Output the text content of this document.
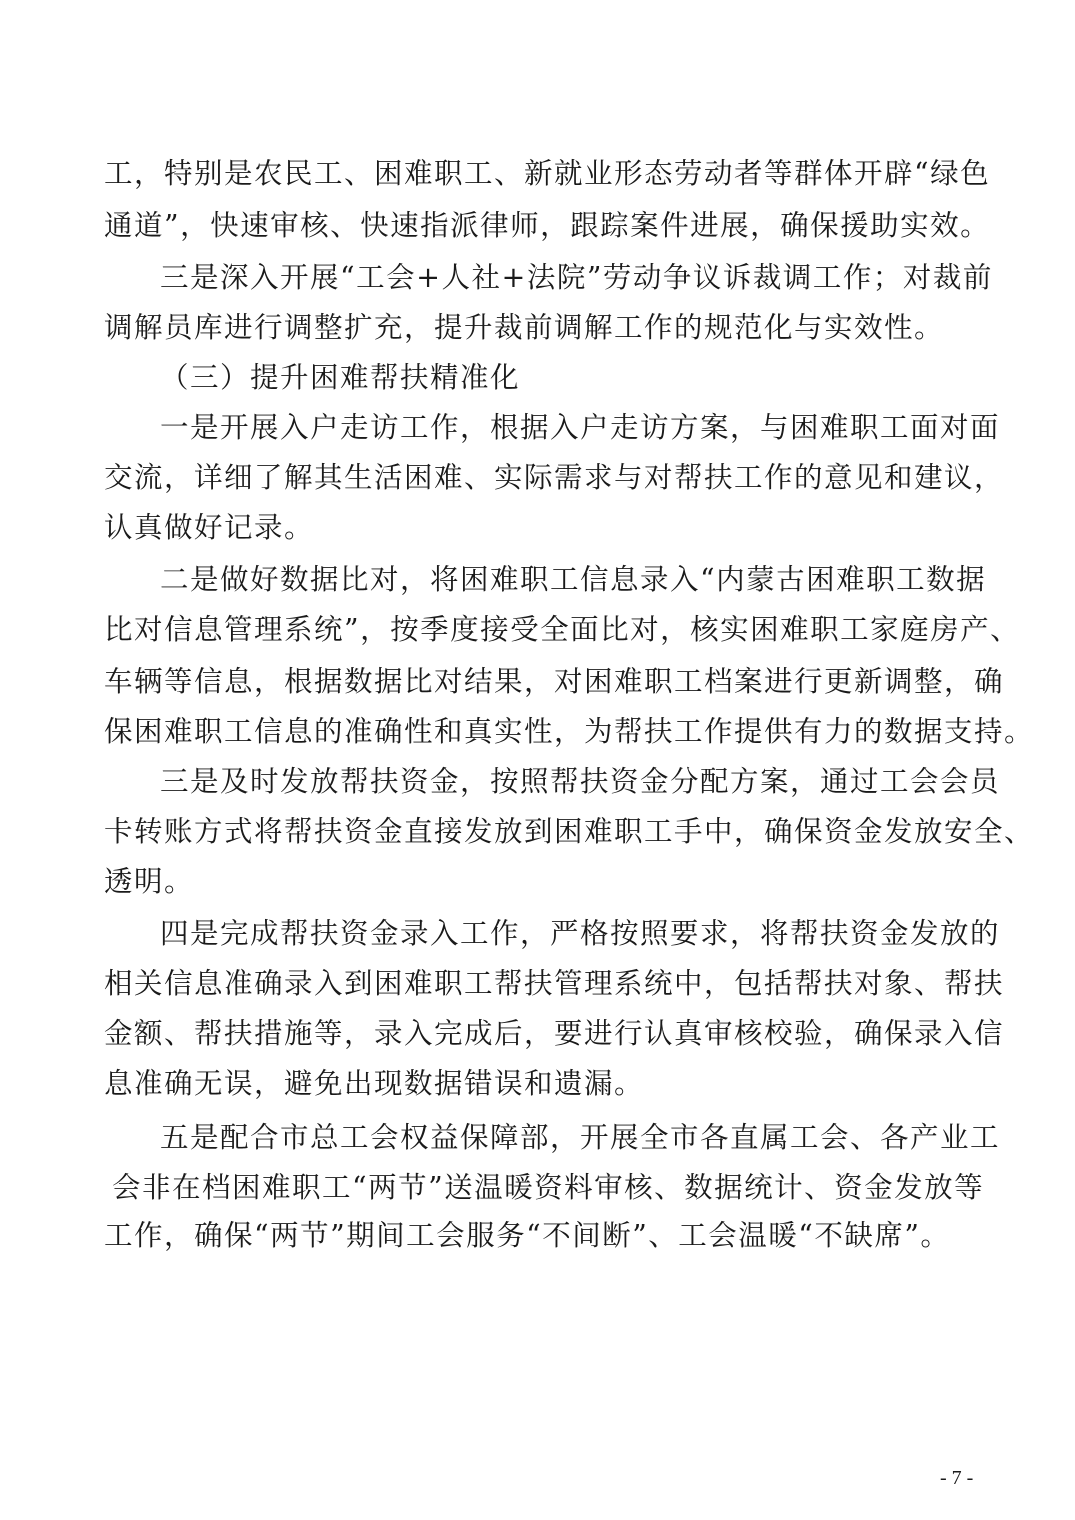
工，特别是农民工、困难职工、新就业形态劳动者等群体开辟“绿色
通道”，快速审核、快速指派律师，跟踪案件进展，确保援助实效。
三是深入开展“工会+人社+法院”劳动争议诉裁调工作；对裁前
调解员库进行调整扩充，提升裁前调解工作的规范化与实效性。
（三）提升困难帮扶精准化
一是开展入户走访工作，根据入户走访方案，与困难职工面对面
交流，详细了解其生活困难、实际需求与对帮扶工作的意见和建议，
认真做好记录。
二是做好数据比对，将困难职工信息录入“内蒙古困难职工数据
比对信息管理系统”，按季度接受全面比对，核实困难职工家庭房产、
车辆等信息，根据数据比对结果，对困难职工档案进行更新调整，确
保困难职工信息的准确性和真实性，为帮扶工作提供有力的数据支持。
三是及时发放帮扶资金，按照帮扶资金分配方案，通过工会会员
卡转账方式将帮扶资金直接发放到困难职工手中，确保资金发放安全、
透明。
四是完成帮扶资金录入工作，严格按照要求，将帮扶资金发放的
相关信息准确录入到困难职工帮扶管理系统中，包括帮扶对象、帮扶
金额、帮扶措施等，录入完成后，要进行认真审核校验，确保录入信
息准确无误，避免出现数据错误和遗漏。
五是配合市总工会权益保障部，开展全市各直属工会、各产业工
会非在档困难职工“两节”送温暖资料审核、数据统计、资金发放等
工作，确保“两节”期间工会服务“不间断”、工会温暖“不缺席”。
- 7 -
